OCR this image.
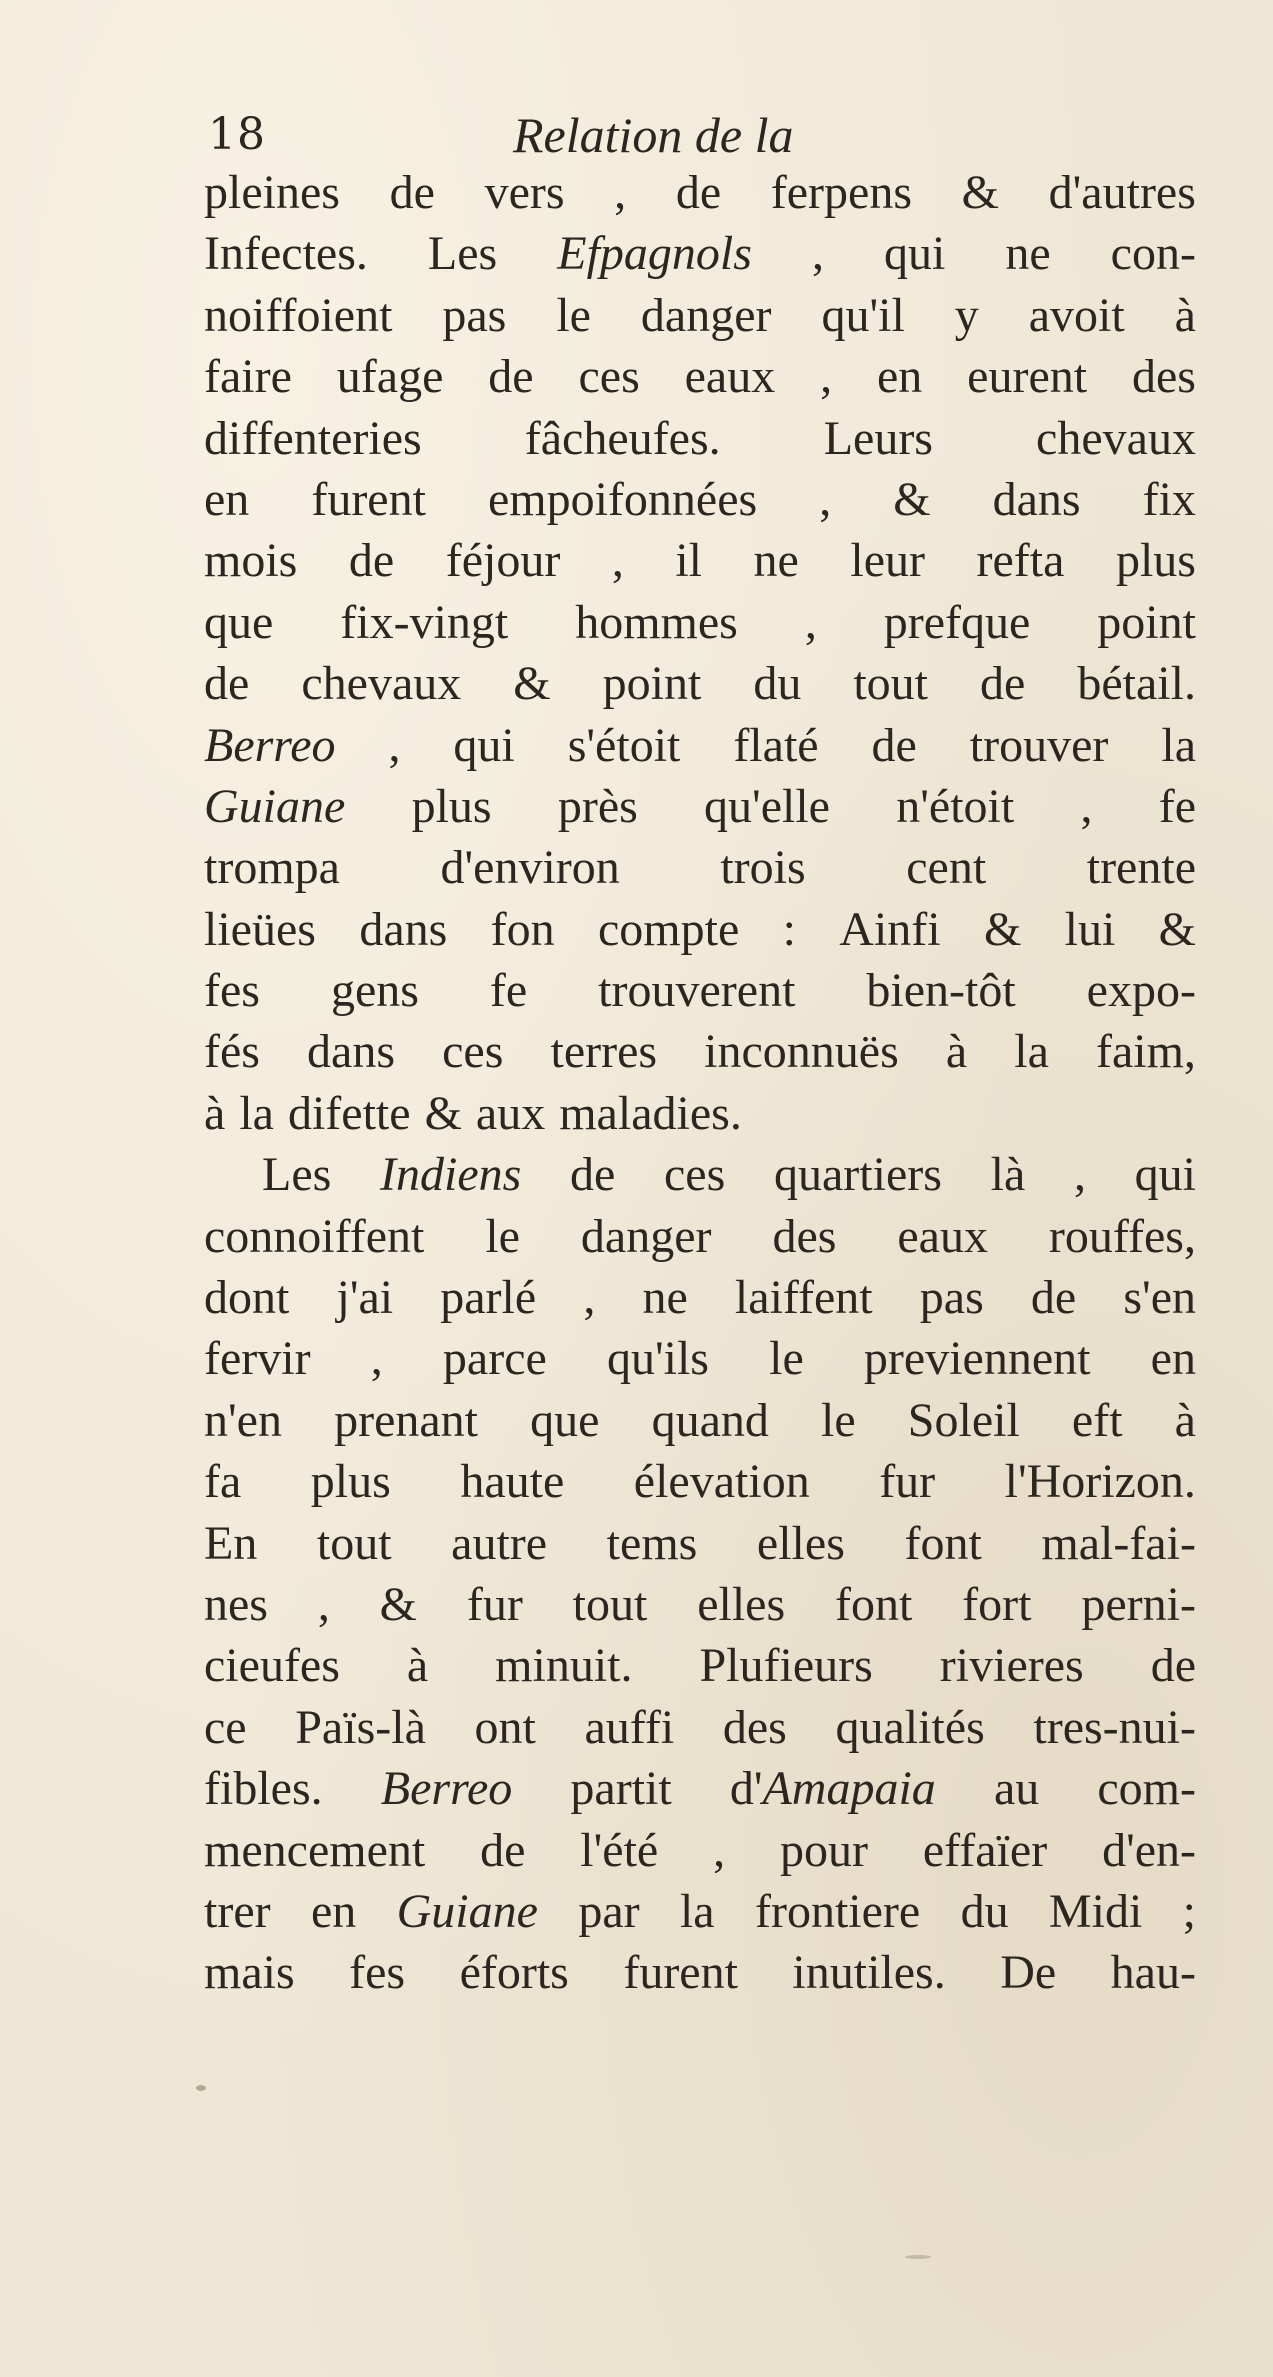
18	Relation de la
pleines de vers , de ferpens & d'autres
Infectes. Les Efpagnols , qui ne con-
noiffoient pas le danger qu'il y avoit à
faire ufage de ces eaux , en eurent des
diffenteries fâcheufes. Leurs chevaux
en furent empoifonnées , & dans fix
mois de féjour , il ne leur refta plus
que fix-vingt hommes , prefque point
de chevaux & point du tout de bétail.
Berreo , qui s'étoit flaté de trouver la
Guiane plus près qu'elle n'étoit , fe
trompa d'environ trois cent trente
lieües dans fon compte : Ainfi & lui &
fes gens fe trouverent bien-tôt expo-
fés dans ces terres inconnuës à la faim,
à la difette & aux maladies.
Les Indiens de ces quartiers là , qui
connoiffent le danger des eaux rouffes,
dont j'ai parlé , ne laiffent pas de s'en
fervir , parce qu'ils le previennent en
n'en prenant que quand le Soleil eft à
fa plus haute élevation fur l'Horizon.
En tout autre tems elles font mal-fai-
nes , & fur tout elles font fort perni-
cieufes à minuit. Plufieurs rivieres de
ce Païs-là ont auffi des qualités tres-nui-
fibles. Berreo partit d'Amapaia au com-
mencement de l'été , pour effaïer d'en-
trer en Guiane par la frontiere du Midi ;
mais fes éforts furent inutiles. De hau-
